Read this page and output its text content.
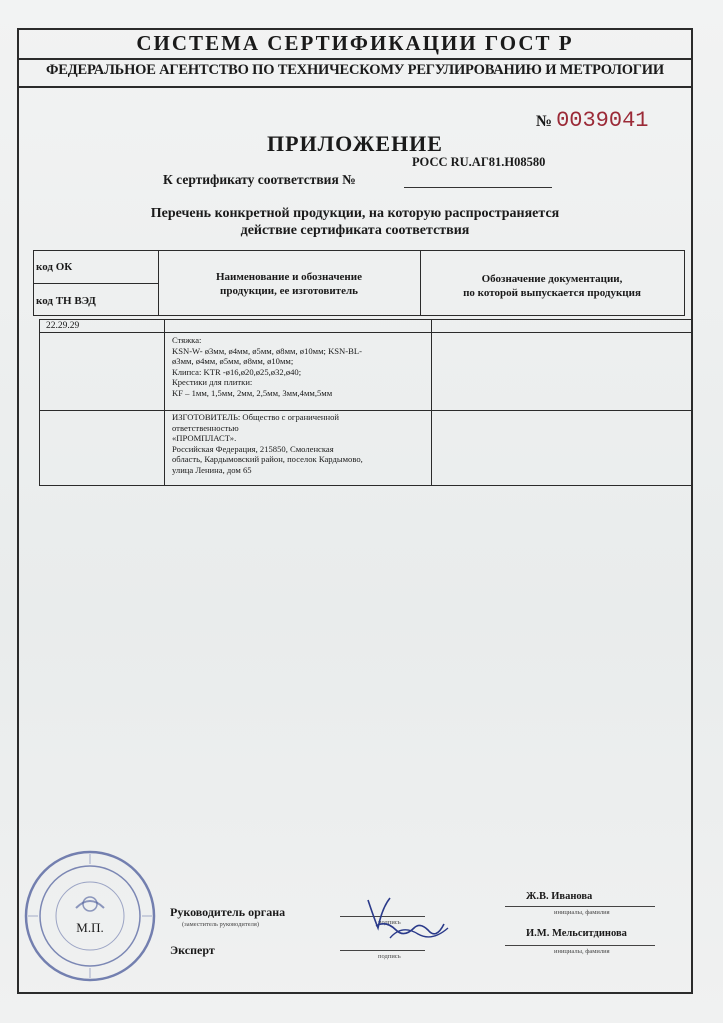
СИСТЕМА СЕРТИФИКАЦИИ ГОСТ Р
ФЕДЕРАЛЬНОЕ АГЕНТСТВО ПО ТЕХНИЧЕСКОМУ РЕГУЛИРОВАНИЮ И МЕТРОЛОГИИ
№ 0039041
ПРИЛОЖЕНИЕ
РОСС RU.АГ81.Н08580
К сертификату соответствия №
Перечень конкретной продукции, на которую распространяется
действие сертификата соответствия
код ОК
код ТН ВЭД
Наименование и обозначение
продукции, ее изготовитель
Обозначение документации,
по которой выпускается продукция
22.29.29
Стяжка:
KSN-W- ø3мм, ø4мм, ø5мм, ø8мм, ø10мм; KSN-BL-
ø3мм, ø4мм, ø5мм, ø8мм, ø10мм;
Клипса: KTR -ø16,ø20,ø25,ø32,ø40;
Крестики для плитки:
KF – 1мм, 1,5мм, 2мм, 2,5мм, 3мм,4мм,5мм
ИЗГОТОВИТЕЛЬ: Общество с ограниченной
ответственностью
«ПРОМПЛАСТ».
Российская Федерация, 215850, Смоленская
область, Кардымовский район, поселок Кардымово,
улица Ленина, дом 65
М.П.
Руководитель органа
(заместитель руководителя)
Эксперт
подпись
подпись
Ж.В. Иванова
инициалы, фамилия
И.М. Мельситдинова
инициалы, фамилия
